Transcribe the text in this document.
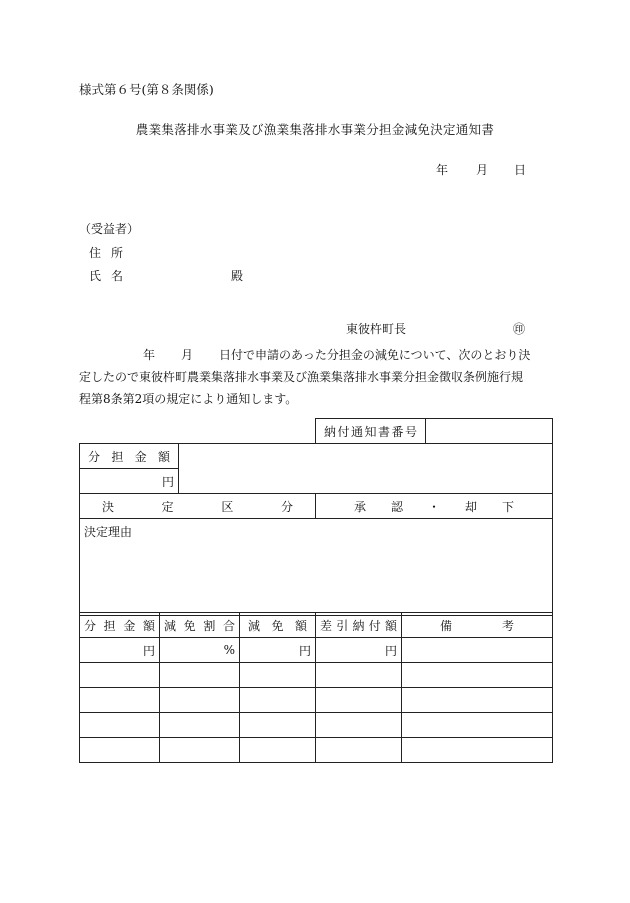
様式第６号(第８条関係)
農業集落排水事業及び漁業集落排水事業分担金減免決定通知書
年 月 日
（受益者）
住所
氏名	殿
東彼杵町長	㊞
年 月 日付で申請のあった分担金の減免について、次のとおり決
定したので東彼杵町農業集落排水事業及び漁業集落排水事業分担金徴収条例施行規
程第8条第2項の規定により通知します。
		納付通知書番号	
分担金額			
円			
決定区分		承認・却下	
決定理由			
分担金額	減免割合	減免額	差引納付額	備考
円	%	円	円	
